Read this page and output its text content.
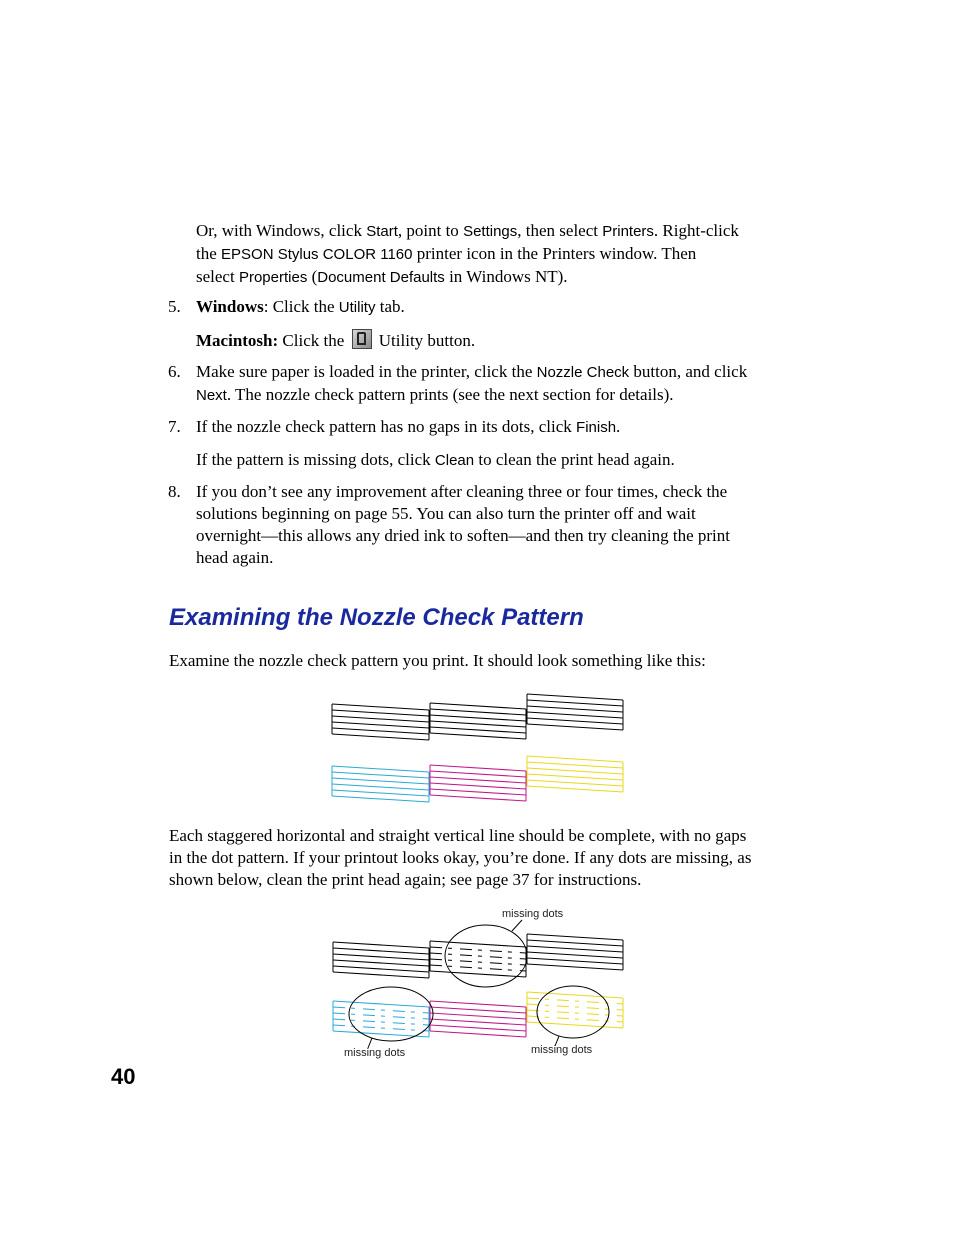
Or, with Windows, click Start, point to Settings, then select Printers. Right-click
the EPSON Stylus COLOR 1160 printer icon in the Printers window. Then
select Properties (Document Defaults in Windows NT).
5. Windows: Click the Utility tab.
Macintosh: Click the
Utility button.
6. Make sure paper is loaded in the printer, click the Nozzle Check button, and click
Next. The nozzle check pattern prints (see the next section for details).
7. If the nozzle check pattern has no gaps in its dots, click Finish.
If the pattern is missing dots, click Clean to clean the print head again.
8. If you don’t see any improvement after cleaning three or four times, check the
solutions beginning on page 55. You can also turn the printer off and wait
overnight—this allows any dried ink to soften—and then try cleaning the print
head again.
Examining the Nozzle Check Pattern
Examine the nozzle check pattern you print. It should look something like this:
Each staggered horizontal and straight vertical line should be complete, with no gaps
in the dot pattern. If your printout looks okay, you’re done. If any dots are missing, as
shown below, clean the print head again; see page 37 for instructions.
missing dots
missing dots	missing dots
40
